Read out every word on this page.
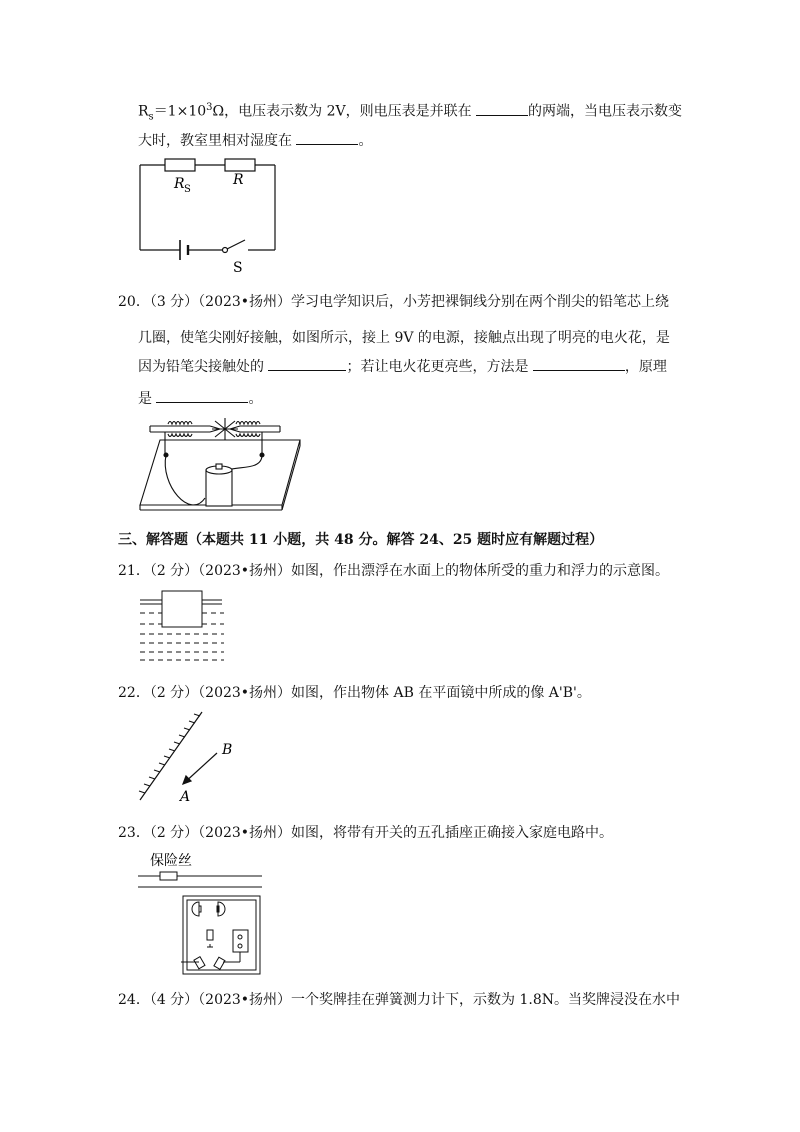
$R_s=1\times 10^3\Omega$，电压表示数为 2V，则电压表是并联在	的两端，当电压表示数变
大时，教室里相对湿度在	。
R S
R
S
20．（3 分）（2023•扬州）学习电学知识后，小芳把裸铜线分别在两个削尖的铅笔芯上绕
几圈，使笔尖刚好接触，如图所示，接上 9V 的电源，接触点出现了明亮的电火花，是
因为铅笔尖接触处的	；若让电火花更亮些，方法是	，原理
是	。
三、解答题（本题共 11 小题，共 48 分。解答 24、25 题时应有解题过程）
21．（2 分）（2023•扬州）如图，作出漂浮在水面上的物体所受的重力和浮力的示意图。
22．（2 分）（2023•扬州）如图，作出物体 AB 在平面镜中所成的像 A'B'。
B
A
23．（2 分）（2023•扬州）如图，将带有开关的五孔插座正确接入家庭电路中。
保险丝
24．（4 分）（2023•扬州）一个奖牌挂在弹簧测力计下，示数为 1.8N。当奖牌浸没在水中
